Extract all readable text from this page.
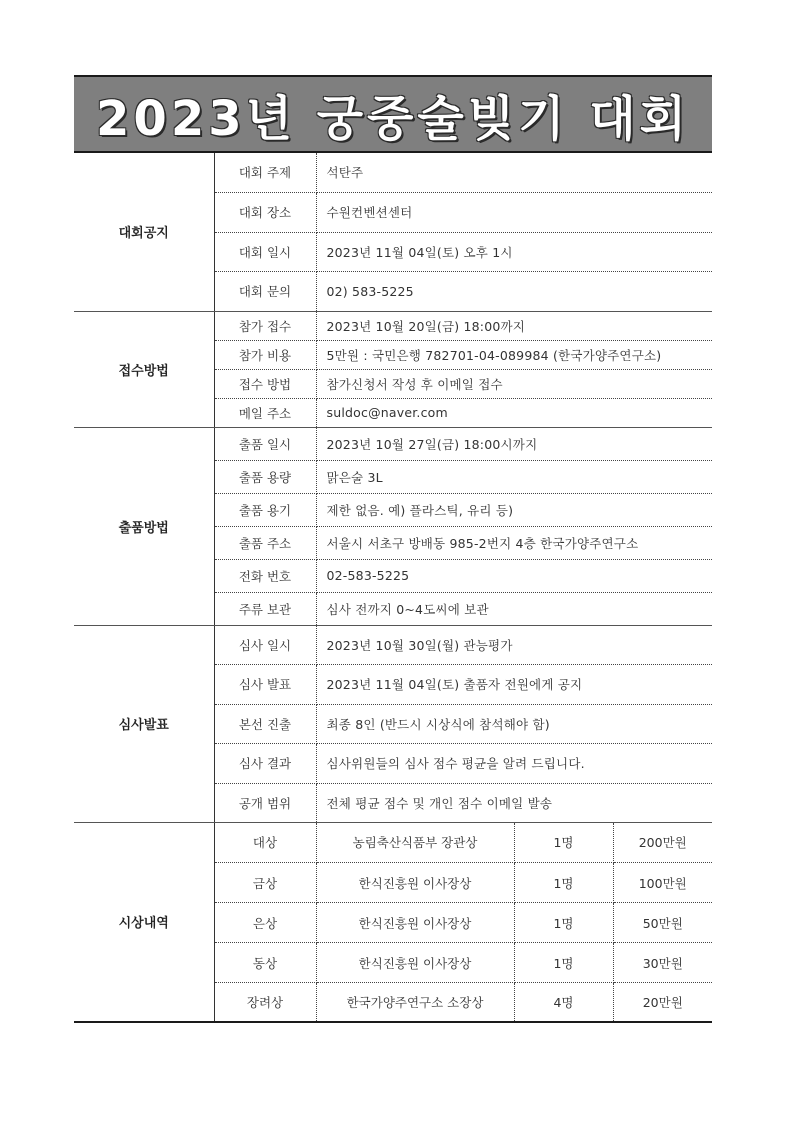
2023년 궁중술빚기 대회
대회공지	대회 주제	석탄주
	대회 장소	수원컨벤션센터
	대회 일시	2023년 11월 04일(토) 오후 1시
	대회 문의	02) 583-5225
접수방법	참가 접수	2023년 10월 20일(금) 18:00까지
	참가 비용	5만원 : 국민은행 782701-04-089984 (한국가양주연구소)
	접수 방법	참가신청서 작성 후 이메일 접수
	메일 주소	suldoc@naver.com
출품방법	출품 일시	2023년 10월 27일(금) 18:00시까지
	출품 용량	맑은술 3L
	출품 용기	제한 없음. 예) 플라스틱, 유리 등)
	출품 주소	서울시 서초구 방배동 985-2번지 4층 한국가양주연구소
	전화 번호	02-583-5225
	주류 보관	심사 전까지 0~4도씨에 보관
심사발표	심사 일시	2023년 10월 30일(월) 관능평가
	심사 발표	2023년 11월 04일(토) 출품자 전원에게 공지
	본선 진출	최종 8인 (반드시 시상식에 참석해야 함)
	심사 결과	심사위원들의 심사 점수 평균을 알려 드립니다.
	공개 범위	전체 평균 점수 및 개인 점수 이메일 발송
시상내역	대상	농림축산식품부 장관상	1명	200만원
	금상	한식진흥원 이사장상	1명	100만원
	은상	한식진흥원 이사장상	1명	50만원
	동상	한식진흥원 이사장상	1명	30만원
	장려상	한국가양주연구소 소장상	4명	20만원
